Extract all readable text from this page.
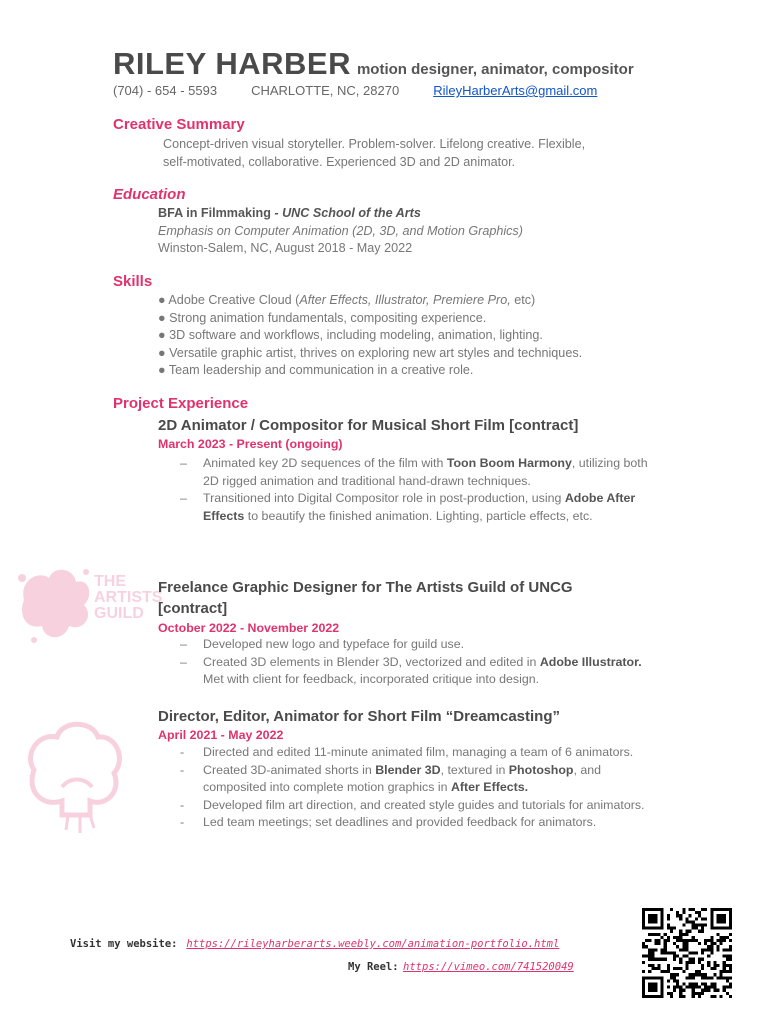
RILEY HARBER motion designer, animator, compositor
(704) - 654 - 5593	CHARLOTTE, NC, 28270	RileyHarberArts@gmail.com
Creative Summary
Concept-driven visual storyteller. Problem-solver. Lifelong creative. Flexible,
self-motivated, collaborative. Experienced 3D and 2D animator.
Education
BFA in Filmmaking - UNC School of the Arts
Emphasis on Computer Animation (2D, 3D, and Motion Graphics)
Winston-Salem, NC, August 2018 - May 2022
Skills

● Adobe Creative Cloud (After Effects, Illustrator, Premiere Pro, etc)

● Strong animation fundamentals, compositing experience.

● 3D software and workflows, including modeling, animation, lighting.

● Versatile graphic artist, thrives on exploring new art styles and techniques.

● Team leadership and communication in a creative role.

Project Experience
2D Animator / Compositor for Musical Short Film [contract]
March 2023 - Present (ongoing)
– Animated key 2D sequences of the film with Toon Boom Harmony, utilizing both 2D rigged animation and traditional hand-drawn techniques.
– Transitioned into Digital Compositor role in post-production, using Adobe After Effects to beautify the finished animation. Lighting, particle effects, etc.
THE
ARTISTS
GUILD
Freelance Graphic Designer for The Artists Guild of UNCG
[contract]
October 2022 - November 2022
– Developed new logo and typeface for guild use.
– Created 3D elements in Blender 3D, vectorized and edited in Adobe Illustrator. Met with client for feedback, incorporated critique into design.
Director, Editor, Animator for Short Film “Dreamcasting”
April 2021 - May 2022
- Directed and edited 11-minute animated film, managing a team of 6 animators.
- Created 3D-animated shorts in Blender 3D, textured in Photoshop, and composited into complete motion graphics in After Effects.
- Developed film art direction, and created style guides and tutorials for animators.
- Led team meetings; set deadlines and provided feedback for animators.
Visit my website: https://rileyharberarts.weebly.com/animation-portfolio.html
My Reel: https://vimeo.com/741520049
